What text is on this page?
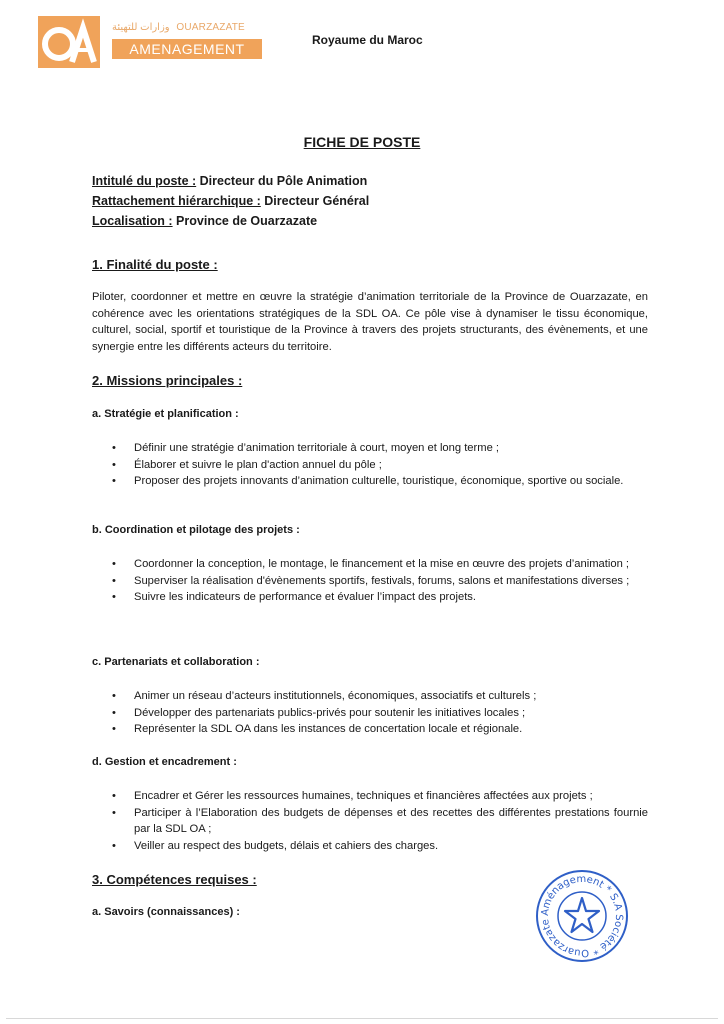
وزارات للتهيئة OUARZAZATE
AMENAGEMENT
Royaume du Maroc
FICHE DE POSTE
Intitulé du poste : Directeur du Pôle Animation
Rattachement hiérarchique : Directeur Général
Localisation : Province de Ouarzazate
1. Finalité du poste :
Piloter, coordonner et mettre en œuvre la stratégie d’animation territoriale de la Province de Ouarzazate, en cohérence avec les orientations stratégiques de la SDL OA. Ce pôle vise à dynamiser le tissu économique, culturel, social, sportif et touristique de la Province à travers des projets structurants, des évènements, et une synergie entre les différents acteurs du territoire.
2. Missions principales :
a. Stratégie et planification :
• Définir une stratégie d’animation territoriale à court, moyen et long terme ;
• Élaborer et suivre le plan d'action annuel du pôle ;
• Proposer des projets innovants d’animation culturelle, touristique, économique, sportive ou sociale.
b. Coordination et pilotage des projets :
• Coordonner la conception, le montage, le financement et la mise en œuvre des projets d’animation ;
• Superviser la réalisation d'évènements sportifs, festivals, forums, salons et manifestations diverses ;
• Suivre les indicateurs de performance et évaluer l’impact des projets.
c. Partenariats et collaboration :
• Animer un réseau d’acteurs institutionnels, économiques, associatifs et culturels ;
• Développer des partenariats publics-privés pour soutenir les initiatives locales ;
• Représenter la SDL OA dans les instances de concertation locale et régionale.
d. Gestion et encadrement :
• Encadrer et Gérer les ressources humaines, techniques et financières affectées aux projets ;
• Participer à l’Elaboration des budgets de dépenses et des recettes des différentes prestations fournie par la SDL OA ;
• Veiller au respect des budgets, délais et cahiers des charges.
3. Compétences requises :
a. Savoirs (connaissances) :	Aménagement * S.A Société * Ouarzazate
